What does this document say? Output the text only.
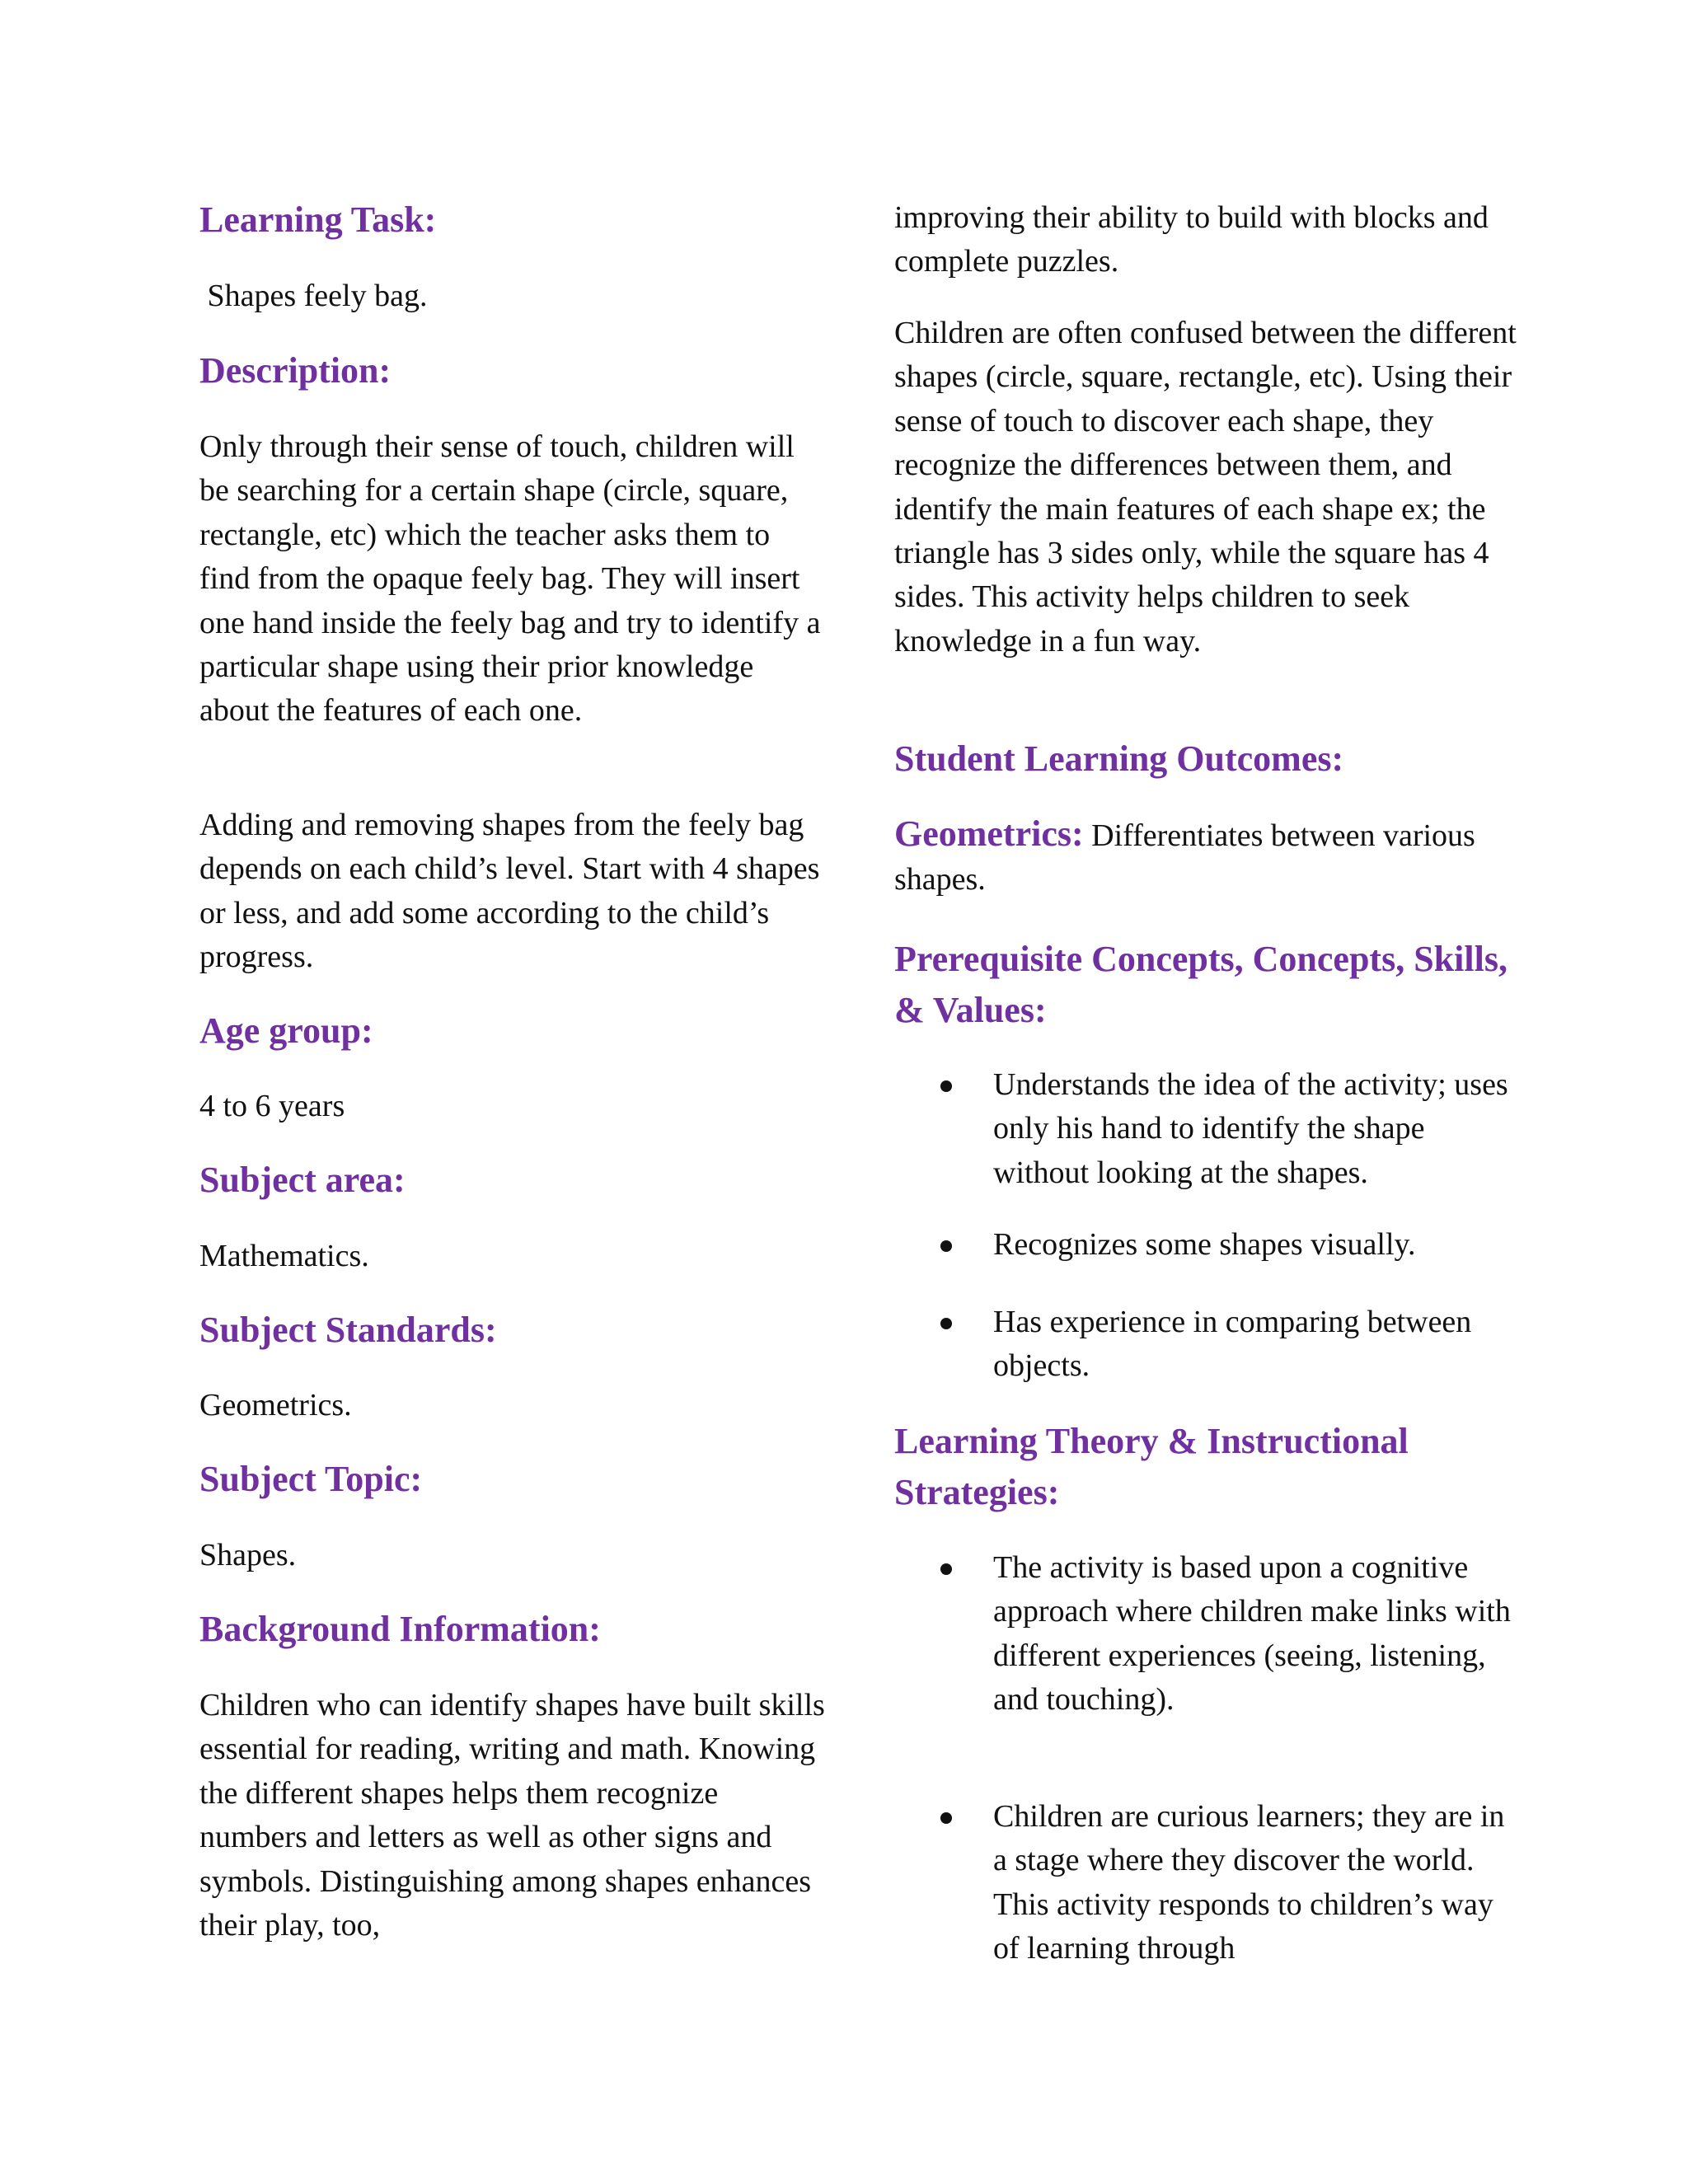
Learning Task:

Shapes feely bag.

Description:

Only through their sense of touch, children will be searching for a certain shape (circle, square, rectangle, etc) which the teacher asks them to find from the opaque feely bag. They will insert one hand inside the feely bag and try to identify a particular shape using their prior knowledge about the features of each one.

Adding and removing shapes from the feely bag depends on each child’s level. Start with 4 shapes or less, and add some according to the child’s progress.

Age group:

4 to 6 years

Subject area:

Mathematics.

Subject Standards:

Geometrics.

Subject Topic:

Shapes.

Background Information:

Children who can identify shapes have built skills essential for reading, writing and math. Knowing the different shapes helps them recognize numbers and letters as well as other signs and symbols. Distinguishing among shapes enhances their play, too,

improving their ability to build with blocks and complete puzzles.

Children are often confused between the different shapes (circle, square, rectangle, etc). Using their sense of touch to discover each shape, they recognize the differences between them, and identify the main features of each shape ex; the triangle has 3 sides only, while the square has 4 sides. This activity helps children to seek knowledge in a fun way.

Student Learning Outcomes:

Geometrics: Differentiates between various shapes.

Prerequisite Concepts, Concepts, Skills, & Values:

Understands the idea of the activity; uses only his hand to identify the shape without looking at the shapes.

Recognizes some shapes visually.

Has experience in comparing between objects.

Learning Theory & Instructional Strategies:

The activity is based upon a cognitive approach where children make links with different experiences (seeing, listening, and touching).

Children are curious learners; they are in a stage where they discover the world. This activity responds to children’s way of learning through
